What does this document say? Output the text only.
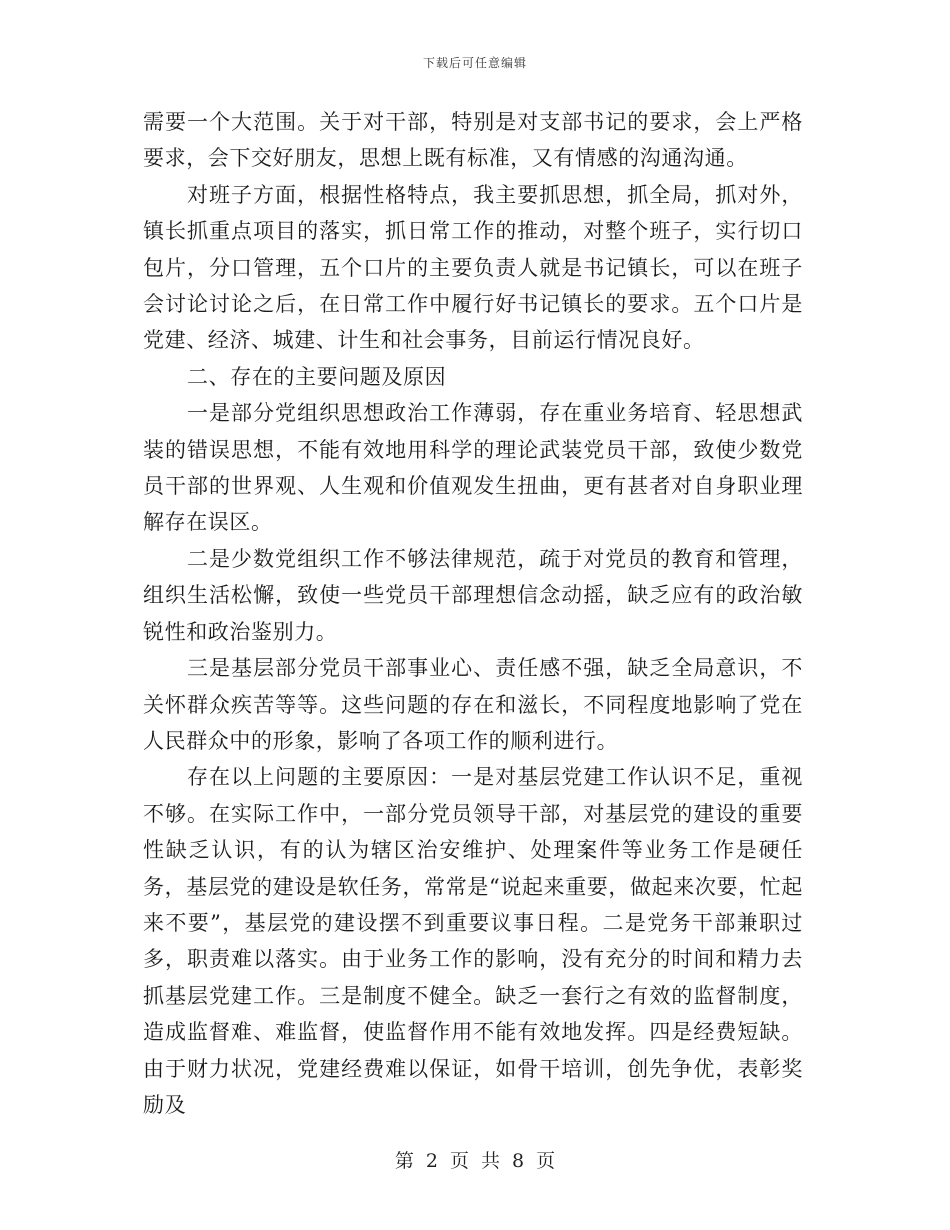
下载后可任意编辑

需要一个大范围。关于对干部，特别是对支部书记的要求，会上严格要求，会下交好朋友，思想上既有标准，又有情感的沟通沟通。

对班子方面，根据性格特点，我主要抓思想，抓全局，抓对外，镇长抓重点项目的落实，抓日常工作的推动，对整个班子，实行切口包片，分口管理，五个口片的主要负责人就是书记镇长，可以在班子会讨论讨论之后，在日常工作中履行好书记镇长的要求。五个口片是党建、经济、城建、计生和社会事务，目前运行情况良好。

二、存在的主要问题及原因

一是部分党组织思想政治工作薄弱，存在重业务培育、轻思想武装的错误思想，不能有效地用科学的理论武装党员干部，致使少数党员干部的世界观、人生观和价值观发生扭曲，更有甚者对自身职业理解存在误区。

二是少数党组织工作不够法律规范，疏于对党员的教育和管理，组织生活松懈，致使一些党员干部理想信念动摇，缺乏应有的政治敏锐性和政治鉴别力。

三是基层部分党员干部事业心、责任感不强，缺乏全局意识，不关怀群众疾苦等等。这些问题的存在和滋长，不同程度地影响了党在人民群众中的形象，影响了各项工作的顺利进行。

存在以上问题的主要原因：一是对基层党建工作认识不足，重视不够。在实际工作中，一部分党员领导干部，对基层党的建设的重要性缺乏认识，有的认为辖区治安维护、处理案件等业务工作是硬任务，基层党的建设是软任务，常常是“说起来重要，做起来次要，忙起来不要”，基层党的建设摆不到重要议事日程。二是党务干部兼职过多，职责难以落实。由于业务工作的影响，没有充分的时间和精力去抓基层党建工作。三是制度不健全。缺乏一套行之有效的监督制度，造成监督难、难监督，使监督作用不能有效地发挥。四是经费短缺。由于财力状况，党建经费难以保证，如骨干培训，创先争优，表彰奖励及

第 2 页 共 8 页
